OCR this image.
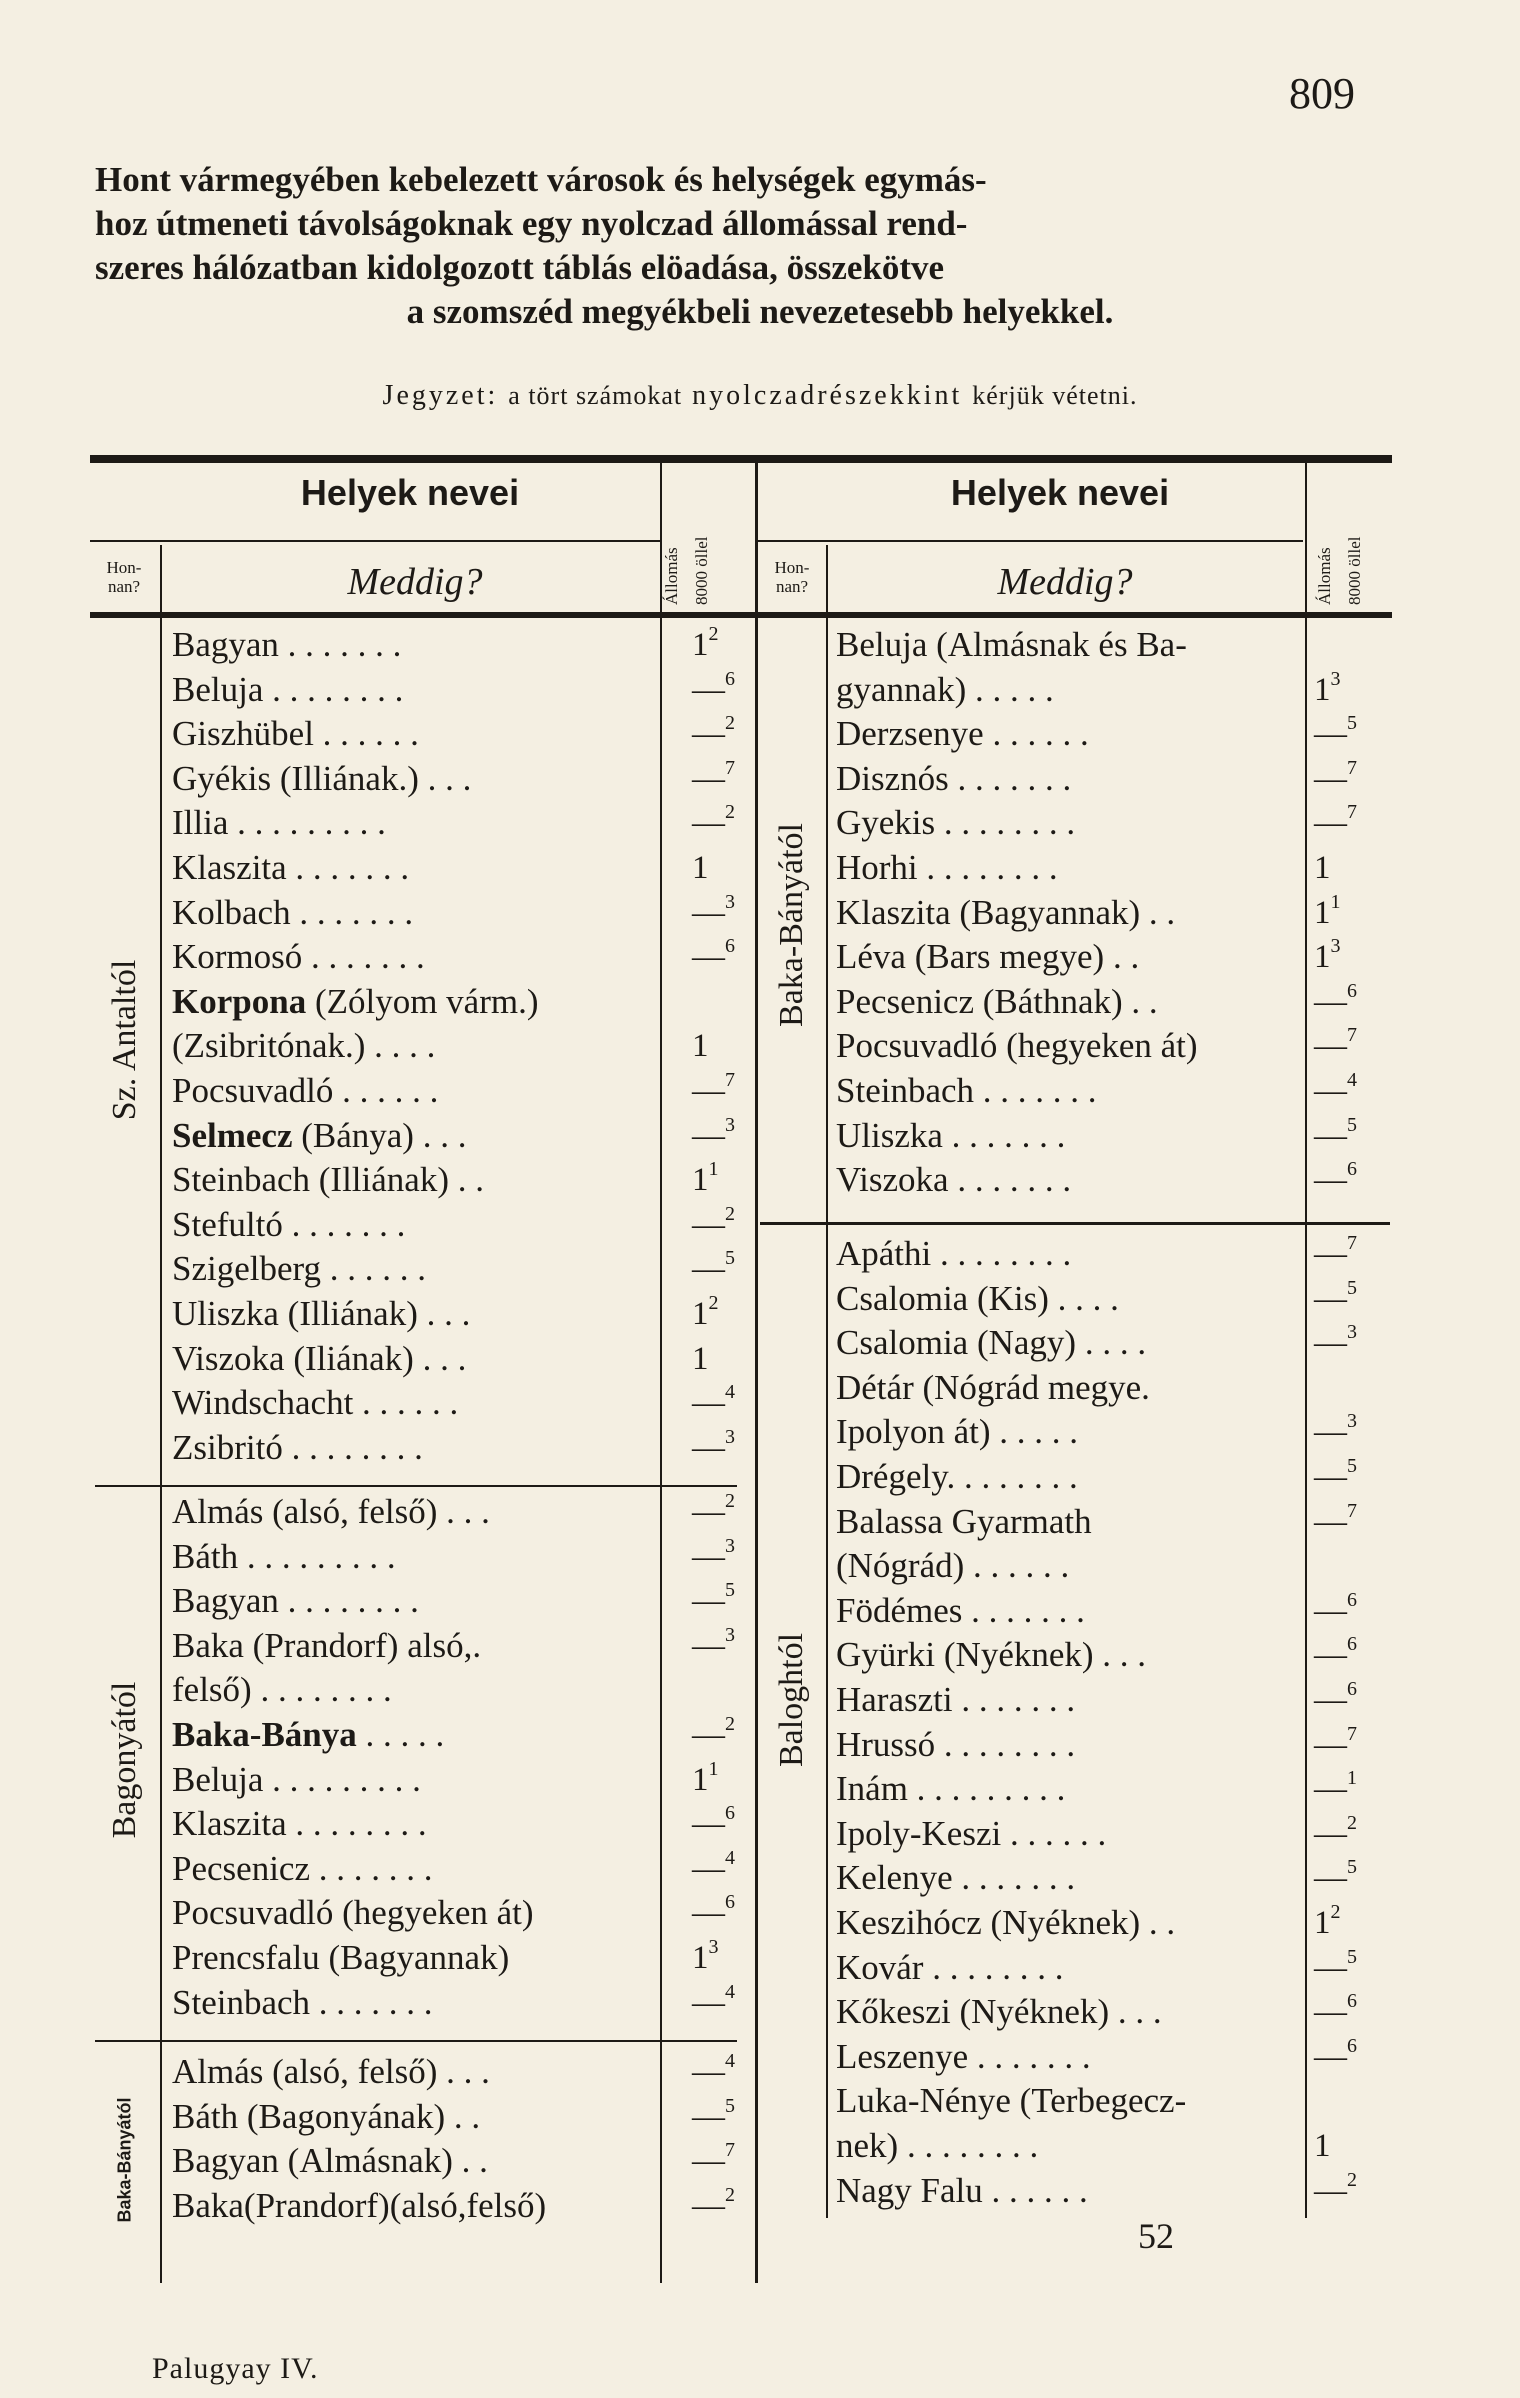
809
Hont vármegyében kebelezett városok és helységek egymás-
hoz útmeneti távolságoknak egy nyolczad állomással rend-
szeres hálózatban kidolgozott táblás elöadása, összekötve
a szomszéd megyékbeli nevezetesebb helyekkel.
Jegyzet: a tört számokat nyolczadrészekkint kérjük vétetni.
Helyek nevei
Hon-
nan?	Meddig?	Állomás 8000 öllel
Helyek nevei
Hon-
nan?	Meddig?	Állomás 8000 öllel
Sz. Antaltól
Bagonyától
Baka-Bányától
Bagyan . . . . . . .	$1^2$
Beluja . . . . . . . .	—$^6$
Giszhübel . . . . . .	—$^2$
Gyékis (Illiának.) . . .	—$^7$
Illia . . . . . . . . .	—$^2$
Klaszita . . . . . . .	1
Kolbach . . . . . . .	—$^3$
Kormosó . . . . . . .	—$^6$
Korpona (Zólyom várm.)
(Zsibritónak.) . . . .	1
Pocsuvadló . . . . . .	—$^7$
Selmecz (Bánya) . . .	—$^3$
Steinbach (Illiának) . .	$1^1$
Stefultó . . . . . . .	—$^2$
Szigelberg . . . . . .	—$^5$
Uliszka (Illiának) . . .	$1^2$
Viszoka (Iliának) . . .	1
Windschacht . . . . . .	—$^4$
Zsibritó . . . . . . . .	—$^3$
Almás (alsó, felső) . . .	—$^2$
Báth . . . . . . . . .	—$^3$
Bagyan . . . . . . . .	—$^5$
Baka (Prandorf) alsó,.	—$^3$
felső) . . . . . . . .
Baka-Bánya . . . . .	—$^2$
Beluja . . . . . . . . .	$1^1$
Klaszita . . . . . . . .	—$^6$
Pecsenicz . . . . . . .	—$^4$
Pocsuvadló (hegyeken át)	—$^6$
Prencsfalu (Bagyannak)	$1^3$
Steinbach . . . . . . .	—$^4$
Almás (alsó, felső) . . .	—$^4$
Báth (Bagonyának) . .	—$^5$
Bagyan (Almásnak) . .	—$^7$
Baka(Prandorf)(alsó,felső)	—$^2$
Baka-Bányától
Baloghtól
Beluja (Almásnak és Ba-
gyannak) . . . . .	$1^3$
Derzsenye . . . . . .	—$^5$
Disznós . . . . . . .	—$^7$
Gyekis . . . . . . . .	—$^7$
Horhi . . . . . . . .	1
Klaszita (Bagyannak) . .	$1^1$
Léva (Bars megye) . .	$1^3$
Pecsenicz (Báthnak) . .	—$^6$
Pocsuvadló (hegyeken át)	—$^7$
Steinbach . . . . . . .	—$^4$
Uliszka . . . . . . .	—$^5$
Viszoka . . . . . . .	—$^6$
Apáthi . . . . . . . .	—$^7$
Csalomia (Kis) . . . .	—$^5$
Csalomia (Nagy) . . . .	—$^3$
Détár (Nógrád megye.
Ipolyon át) . . . . .	—$^3$
Drégely. . . . . . . .	—$^5$
Balassa Gyarmath	—$^7$
(Nógrád) . . . . . .
Födémes . . . . . . .	—$^6$
Gyürki (Nyéknek) . . .	—$^6$
Haraszti . . . . . . .	—$^6$
Hrussó . . . . . . . .	—$^7$
Inám . . . . . . . . .	—$^1$
Ipoly-Keszi . . . . . .	—$^2$
Kelenye . . . . . . .	—$^5$
Keszihócz (Nyéknek) . .	$1^2$
Kovár . . . . . . . .	—$^5$
Kőkeszi (Nyéknek) . . .	—$^6$
Leszenye . . . . . . .	—$^6$
Luka-Nénye (Terbegecz-
nek) . . . . . . . .	1
Nagy Falu . . . . . .	—$^2$
52
Palugyay IV.
